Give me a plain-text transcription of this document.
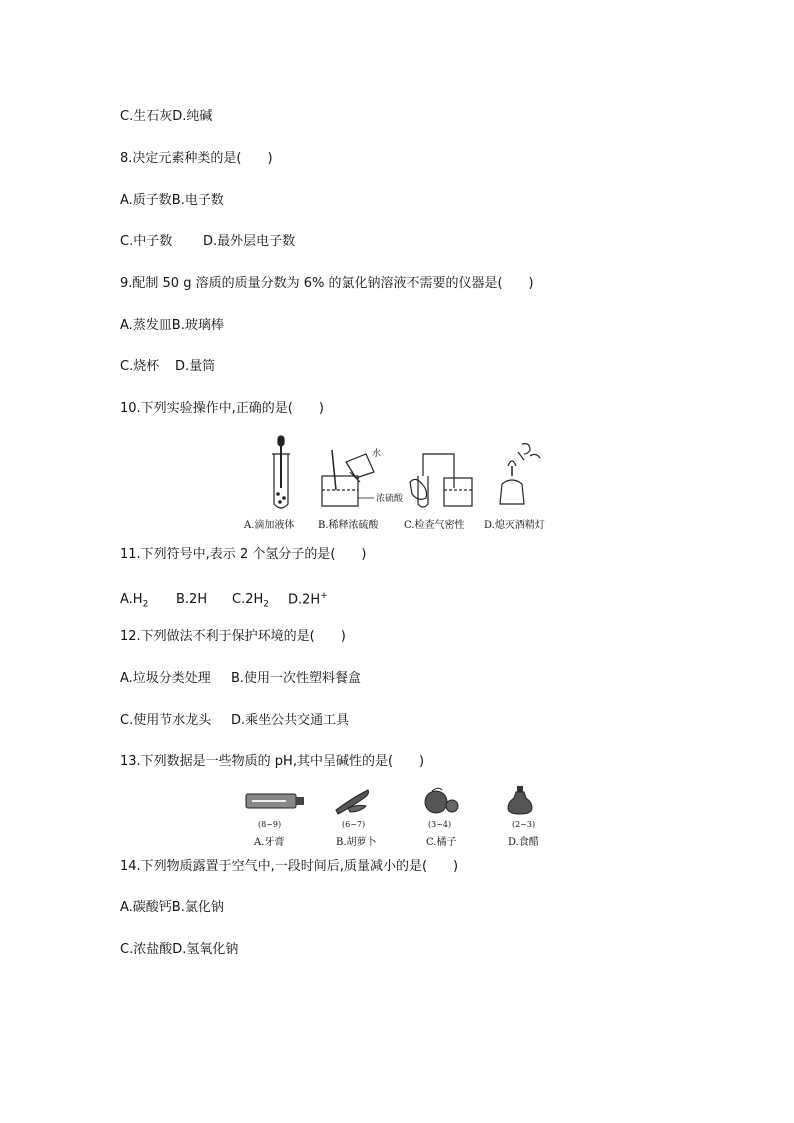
C.生石灰D.纯碱
8.决定元素种类的是(　　)
A.质子数B.电子数
C.中子数 D.最外层电子数
9.配制 50 g 溶质的质量分数为 6% 的氯化钠溶液不需要的仪器是(　　)
A.蒸发皿B.玻璃棒
C.烧杯 D.量筒
10.下列实验操作中,正确的是(　　)
水
浓硫酸
A.滴加液体 B.稀释浓硫酸	C.检查气密性 D.熄灭酒精灯
11.下列符号中,表示 2 个氢分子的是(　　)
$A.H_2$ B.2H $C.2H_2$ D.2H+
12.下列做法不利于保护环境的是(　　)
A.垃圾分类处理 B.使用一次性塑料餐盒
C.使用节水龙头 D.乘坐公共交通工具
13.下列数据是一些物质的 pH,其中呈碱性的是(　　)
(8~9)	(6~7)	(3~4)	(2~3)
A.牙膏	B.胡萝卜	C.橘子	D.食醋
14.下列物质露置于空气中,一段时间后,质量减小的是(　　)
A.碳酸钙B.氯化钠
C.浓盐酸D.氢氧化钠
